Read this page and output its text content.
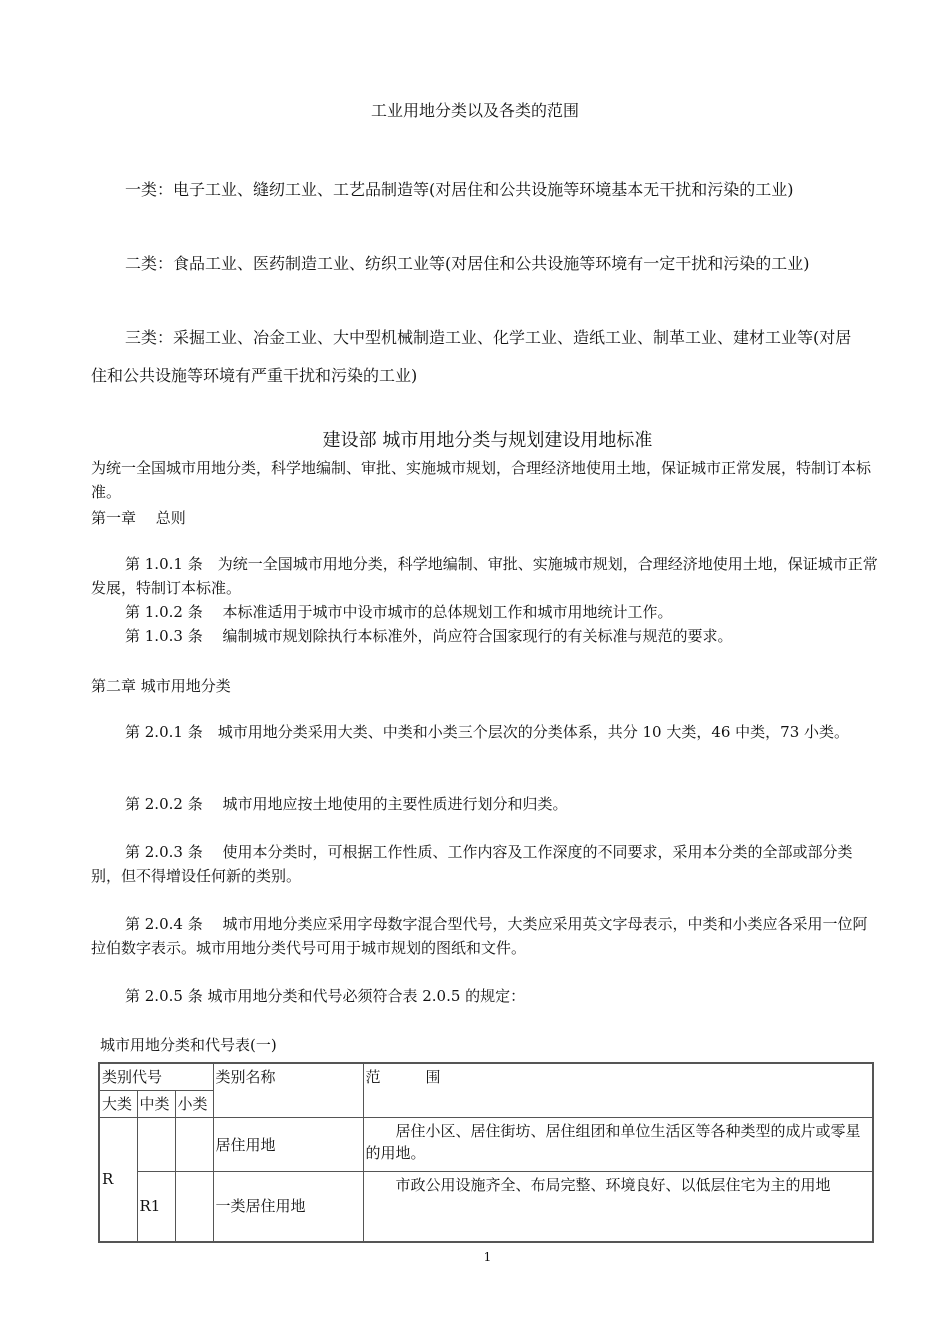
工业用地分类以及各类的范围
一类：电子工业、缝纫工业、工艺品制造等(对居住和公共设施等环境基本无干扰和污染的工业)
二类：食品工业、医药制造工业、纺织工业等(对居住和公共设施等环境有一定干扰和污染的工业)
三类：采掘工业、冶金工业、大中型机械制造工业、化学工业、造纸工业、制革工业、建材工业等(对居
住和公共设施等环境有严重干扰和污染的工业)
建设部 城市用地分类与规划建设用地标准
为统一全国城市用地分类，科学地编制、审批、实施城市规划，合理经济地使用土地，保证城市正常发展，特制订本标准。
第一章　 总则
第 1.0.1 条　为统一全国城市用地分类，科学地编制、审批、实施城市规划，合理经济地使用土地，保证城市正常发展，特制订本标准。
第 1.0.2 条　 本标准适用于城市中设市城市的总体规划工作和城市用地统计工作。
第 1.0.3 条　 编制城市规划除执行本标准外，尚应符合国家现行的有关标准与规范的要求。
第二章 城市用地分类
第 2.0.1 条　城市用地分类采用大类、中类和小类三个层次的分类体系，共分 10 大类，46 中类，73 小类。
第 2.0.2 条　 城市用地应按土地使用的主要性质进行划分和归类。
第 2.0.3 条　 使用本分类时，可根据工作性质、工作内容及工作深度的不同要求，采用本分类的全部或部分类别，但不得增设任何新的类别。
第 2.0.4 条　 城市用地分类应采用字母数字混合型代号，大类应采用英文字母表示，中类和小类应各采用一位阿拉伯数字表示。城市用地分类代号可用于城市规划的图纸和文件。
第 2.0.5 条 城市用地分类和代号必须符合表 2.0.5 的规定：
城市用地分类和代号表(一)
类别代号			类别名称	范　　　围
大类	中类	小类		
R			居住用地	居住小区、居住街坊、居住组团和单位生活区等各种类型的成片或零星的用地。
	R1		一类居住用地	市政公用设施齐全、布局完整、环境良好、以低层住宅为主的用地
1
